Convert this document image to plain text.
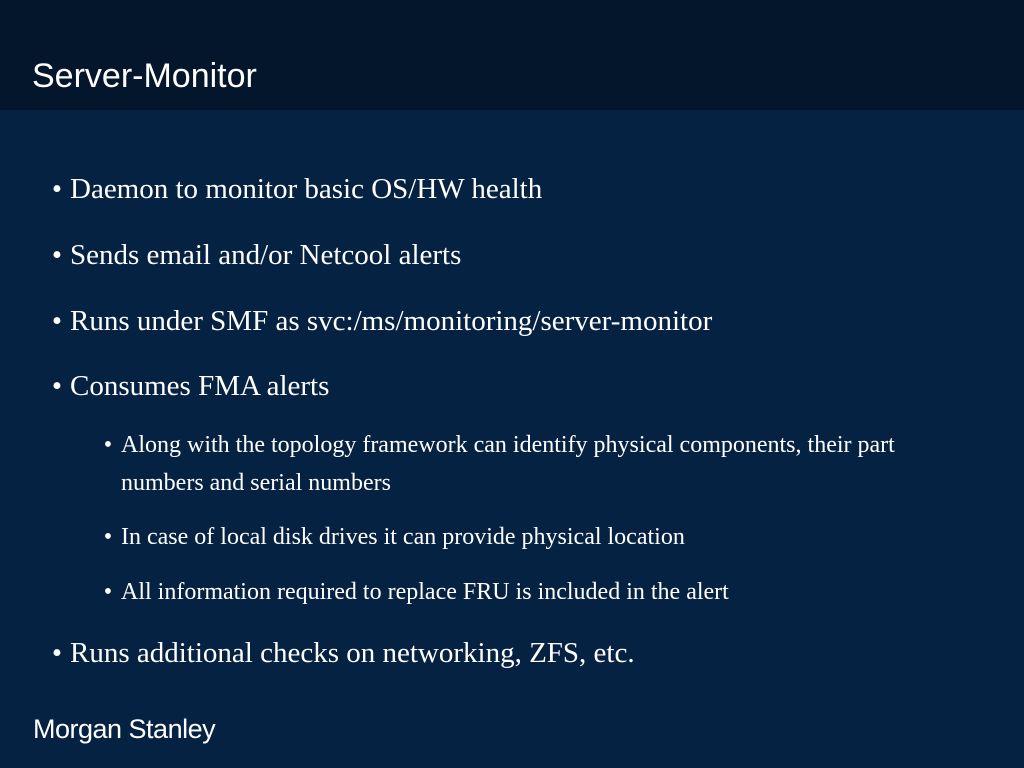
Server-Monitor
• Daemon to monitor basic OS/HW health
• Sends email and/or Netcool alerts
• Runs under SMF as svc:/ms/monitoring/server-monitor
• Consumes FMA alerts
• Along with the topology framework can identify physical components, their part numbers and serial numbers
• In case of local disk drives it can provide physical location
• All information required to replace FRU is included in the alert
• Runs additional checks on networking, ZFS, etc.
Morgan Stanley
